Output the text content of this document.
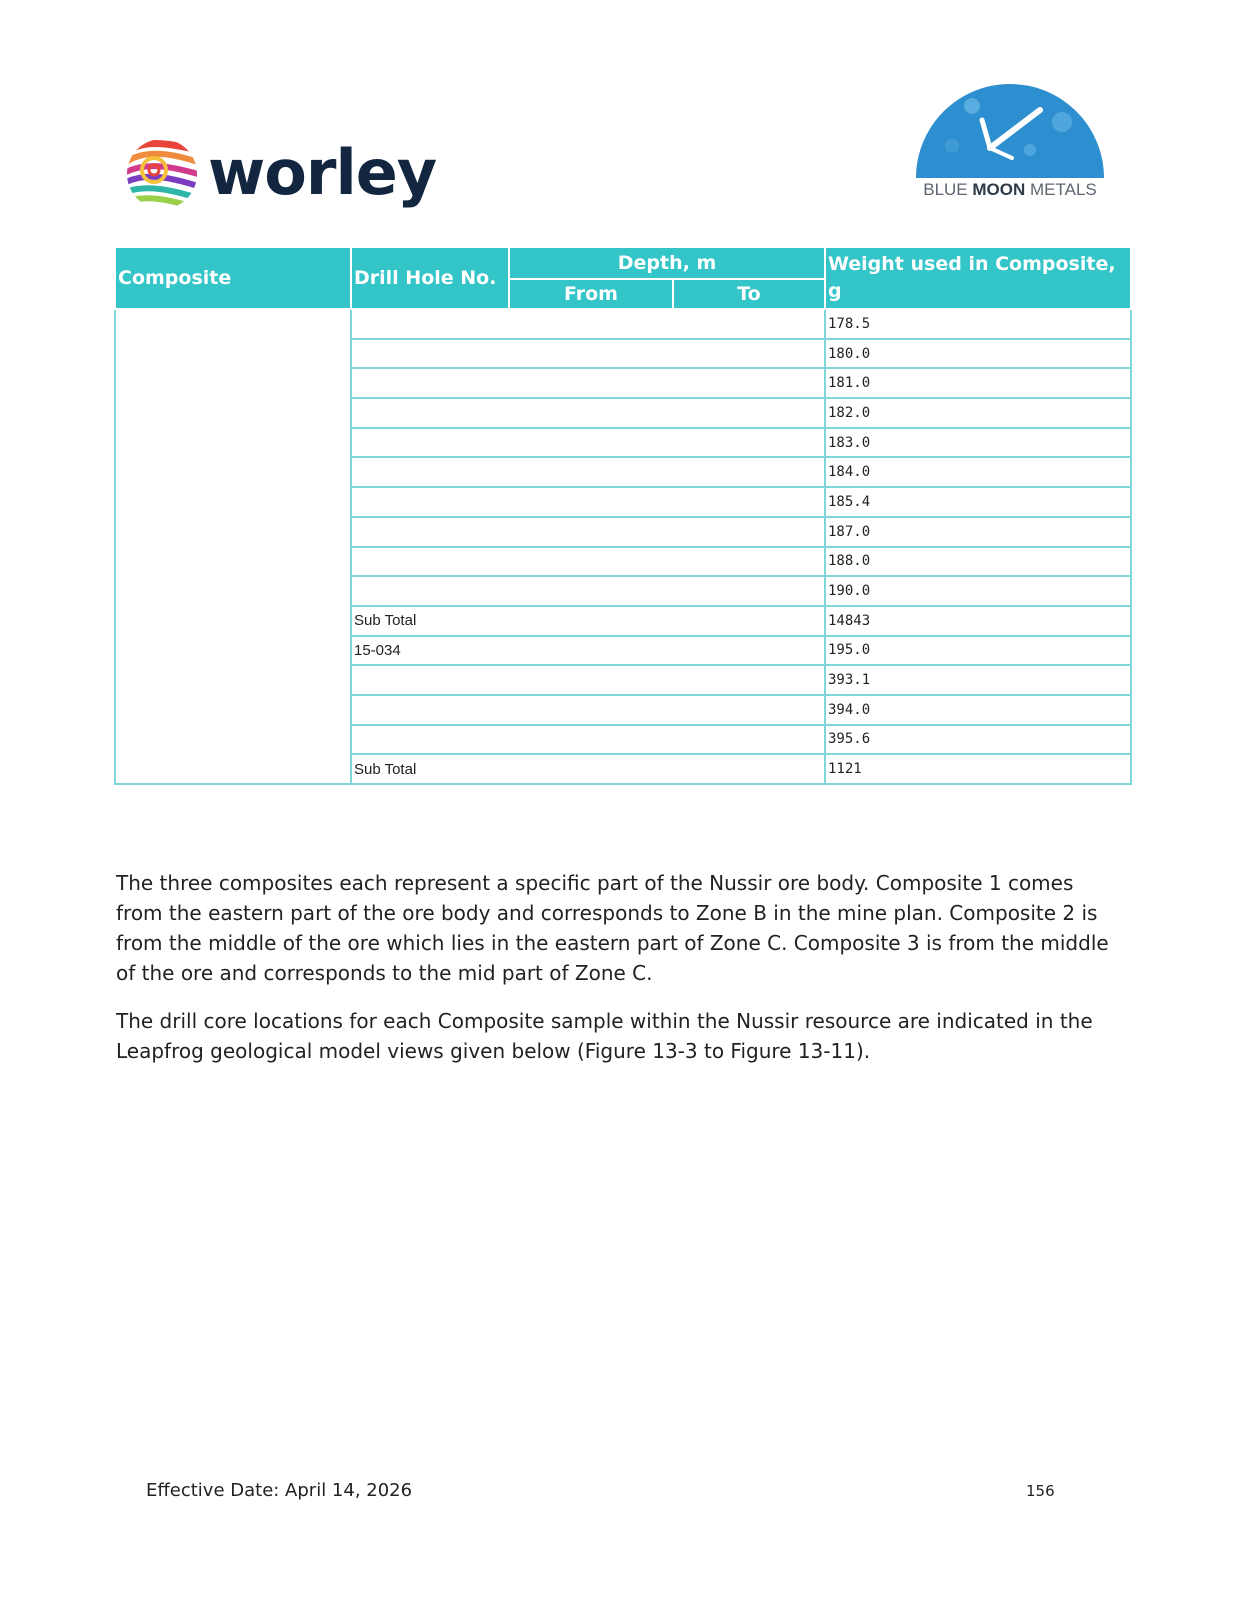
worley	BLUE MOON METALS
Composite	Drill Hole No.	Depth, m		Weight used in Composite, g
		From	To	
				178.5
				180.0
				181.0
				182.0
				183.0
				184.0
				185.4
				187.0
				188.0
				190.0
	Sub Total			14843
	15-034			195.0
				393.1
				394.0
				395.6
	Sub Total			1121

The three composites each represent a specific part of the Nussir ore body. Composite 1 comes from the eastern part of the ore body and corresponds to Zone B in the mine plan. Composite 2 is from the middle of the ore which lies in the eastern part of Zone C. Composite 3 is from the middle of the ore and corresponds to the mid part of Zone C.

The drill core locations for each Composite sample within the Nussir resource are indicated in the Leapfrog geological model views given below (Figure 13-3 to Figure 13-11).

Effective Date: April 14, 2026	156
